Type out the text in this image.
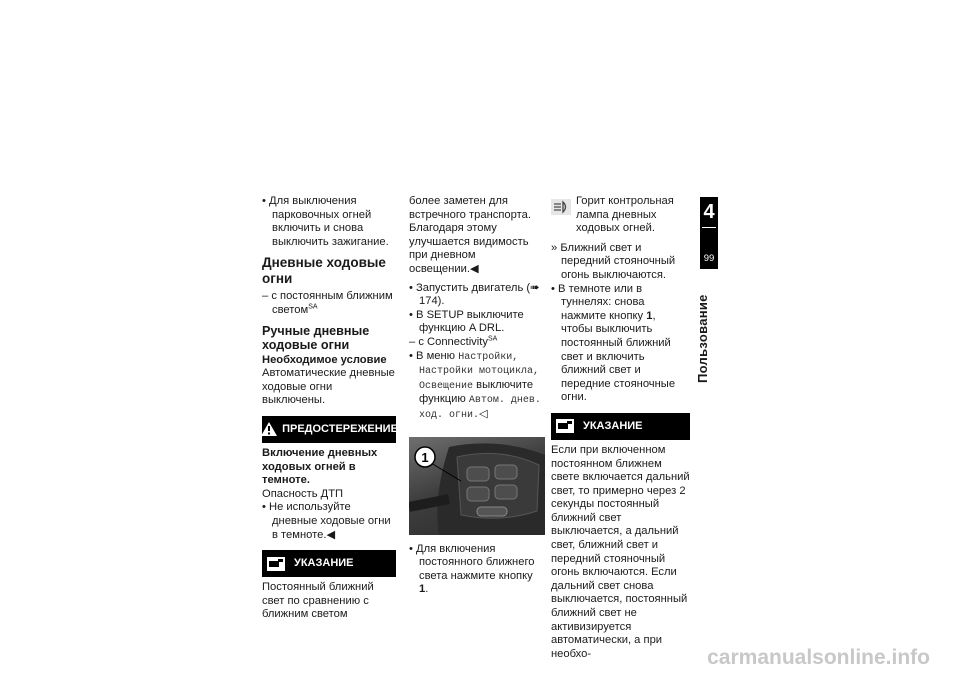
• Для выключения парковочных огней включить и снова выключить зажигание.

Дневные ходовые огни

– с постоянным ближним светом$^{SA}$

Ручные дневные ходовые огни
Необходимое условие

Автоматические дневные ходовые огни выключены.

ПРЕДОСТЕРЕЖЕНИЕ
Включение дневных ходовых огней в темноте.

Опасность ДТП

• Не используйте дневные ходовые огни в темноте.◀

УКАЗАНИЕ

Постоянный ближний свет по сравнению с ближним светом

более заметен для встречного транспорта. Благодаря этому улучшается видимость при дневном освещении.◀

• Запустить двигатель (➠ 174).

• В SETUP выключите функцию A DRL.

– с Connectivity$^{SA}$

• В меню Настройки, Настройки мотоцикла, Освещение выключите функцию Автом. днев. ход. огни.◁

1

• Для включения постоянного ближнего света нажмите кнопку 1.

Горит контрольная лампа дневных ходовых огней.

» Ближний свет и передний стояночный огонь выключаются.

• В темноте или в туннелях: снова нажмите кнопку 1, чтобы выключить постоянный ближний свет и включить ближний свет и передние стояночные огни.

УКАЗАНИЕ

Если при включенном постоянном ближнем свете включается дальний свет, то примерно через 2 секунды постоянный ближний свет выключается, а дальний свет, ближний свет и передний стояночный огонь включаются. Если дальний свет снова выключается, постоянный ближний свет не активизируется автоматически, а при необхо-

4
99
Пользование
carmanualsonline.info
